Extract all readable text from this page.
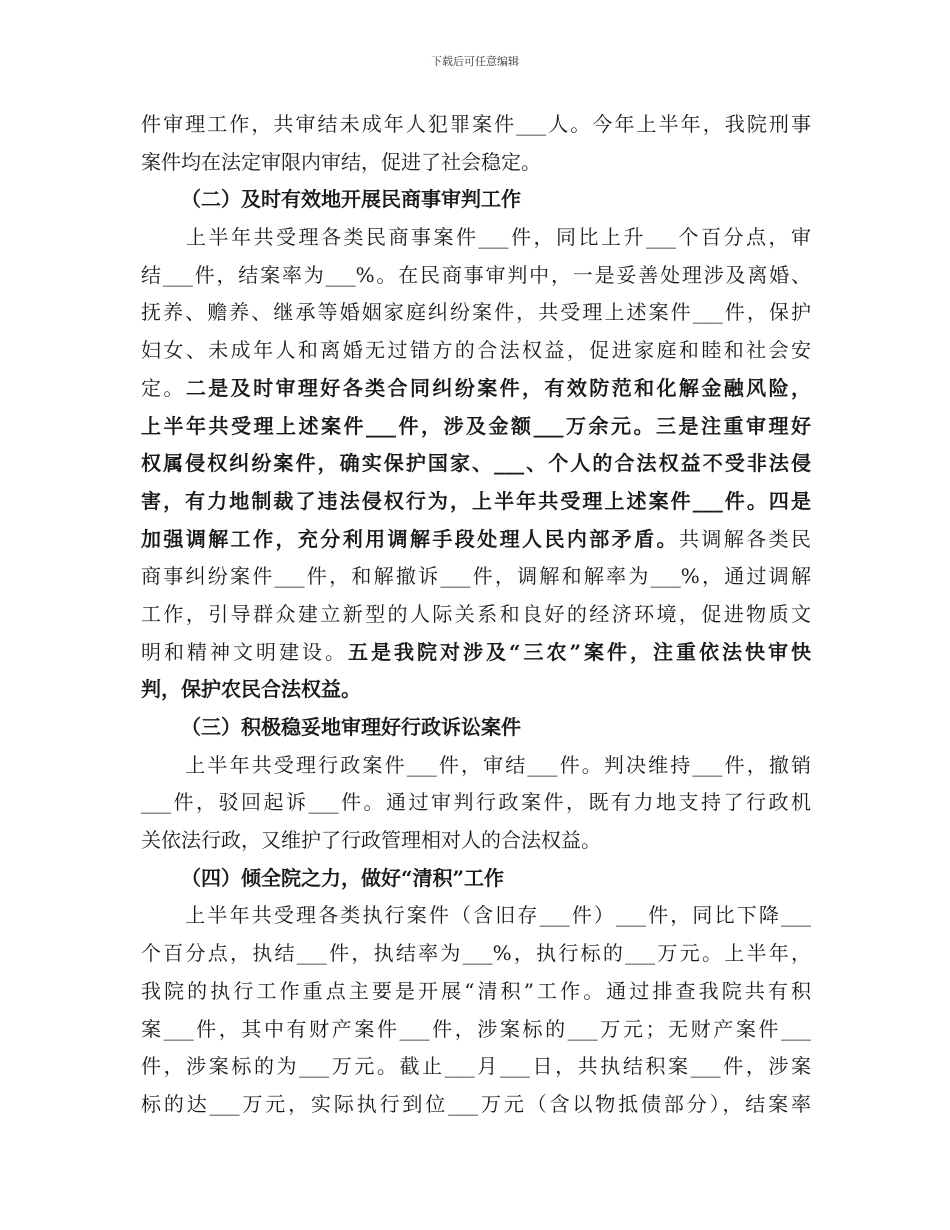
下载后可任意编辑
件审理工作，共审结未成年人犯罪案件___人。今年上半年，我院刑事
案件均在法定审限内审结，促进了社会稳定。
（二）及时有效地开展民商事审判工作
　　上半年共受理各类民商事案件___件，同比上升___个百分点，审
结___件，结案率为___%。在民商事审判中，一是妥善处理涉及离婚、
抚养、赡养、继承等婚姻家庭纠纷案件，共受理上述案件___件，保护
妇女、未成年人和离婚无过错方的合法权益，促进家庭和睦和社会安
定。二是及时审理好各类合同纠纷案件，有效防范和化解金融风险，
上半年共受理上述案件___件，涉及金额___万余元。三是注重审理好
权属侵权纠纷案件，确实保护国家、___、个人的合法权益不受非法侵
害，有力地制裁了违法侵权行为，上半年共受理上述案件___件。四是
加强调解工作，充分利用调解手段处理人民内部矛盾。共调解各类民
商事纠纷案件___件，和解撤诉___件，调解和解率为___%，通过调解
工作，引导群众建立新型的人际关系和良好的经济环境，促进物质文
明和精神文明建设。五是我院对涉及“三农”案件，注重依法快审快
判，保护农民合法权益。
（三）积极稳妥地审理好行政诉讼案件
　　上半年共受理行政案件___件，审结___件。判决维持___件，撤销
___件，驳回起诉___件。通过审判行政案件，既有力地支持了行政机
关依法行政，又维护了行政管理相对人的合法权益。
（四）倾全院之力，做好“清积”工作
　　上半年共受理各类执行案件（含旧存___件）___件，同比下降___
个百分点，执结___件，执结率为___%，执行标的___万元。上半年，
我院的执行工作重点主要是开展“清积”工作。通过排查我院共有积
案___件，其中有财产案件___件，涉案标的___万元；无财产案件___
件，涉案标的为___万元。截止___月___日，共执结积案___件，涉案
标的达___万元，实际执行到位___万元（含以物抵债部分），结案率
